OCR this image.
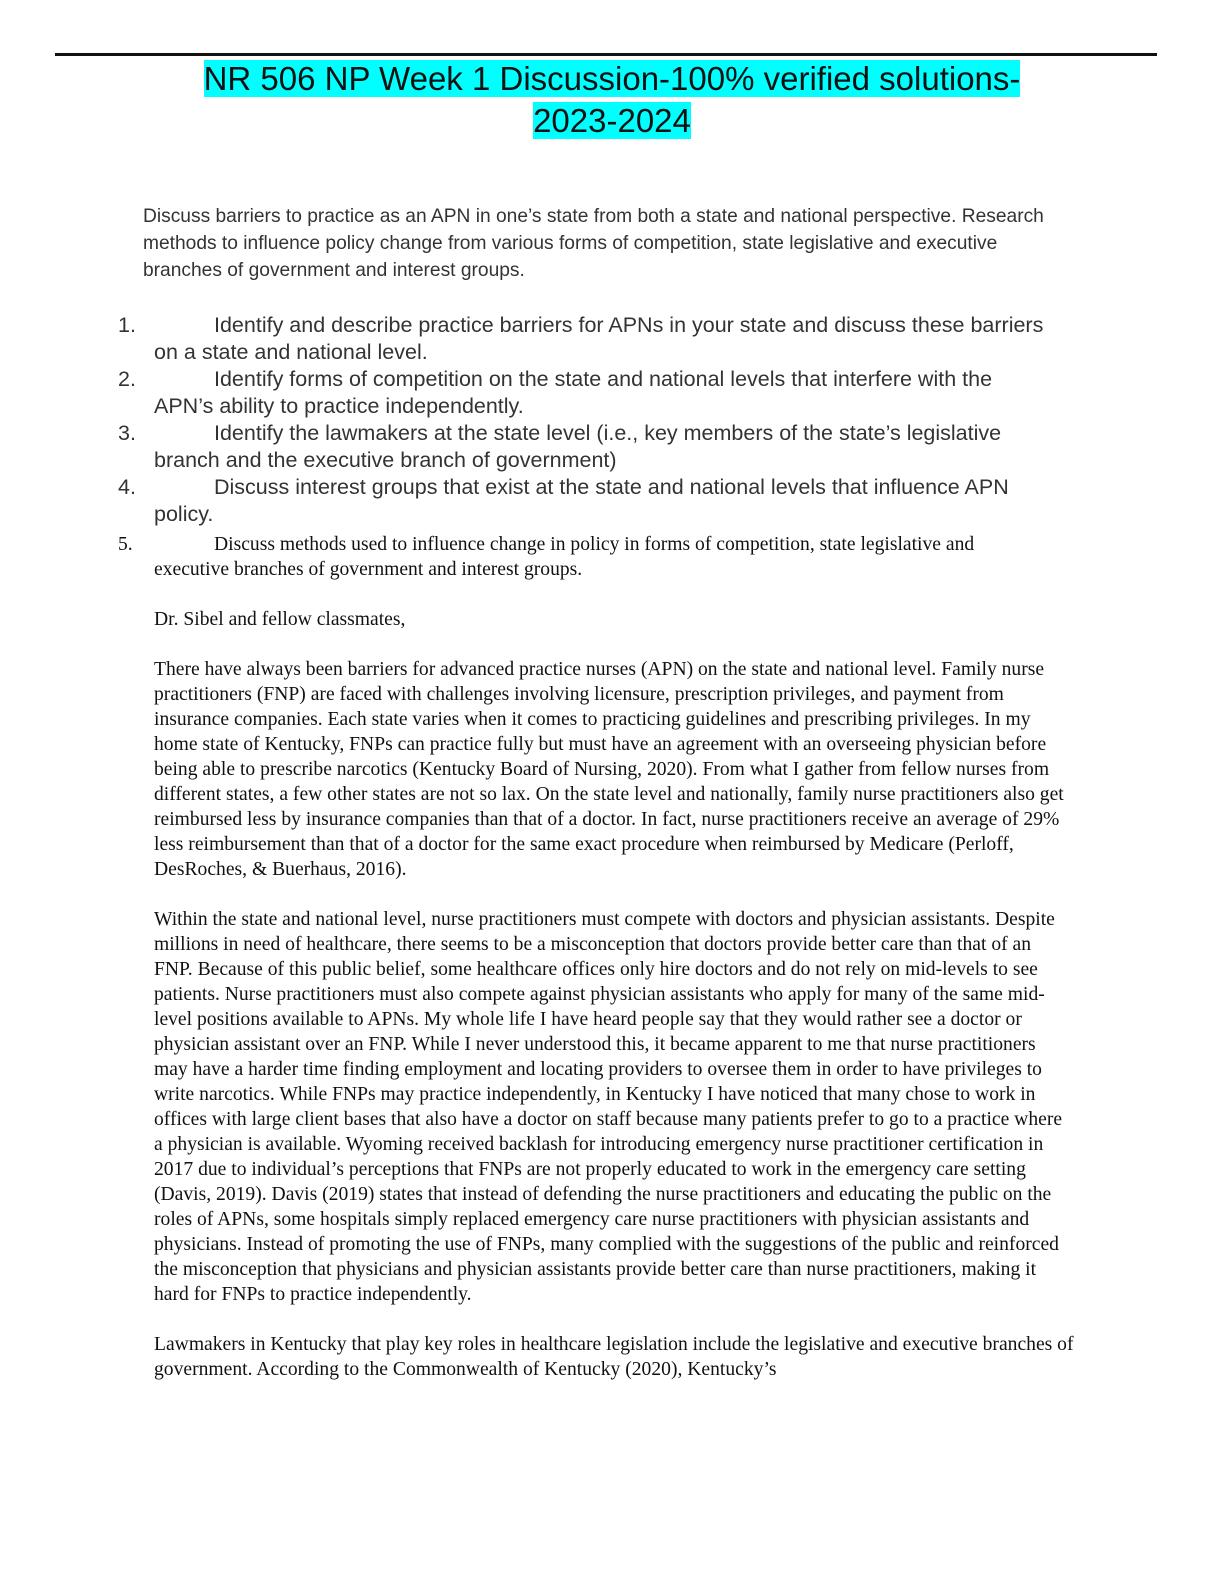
NR 506 NP Week 1 Discussion-100% verified solutions-
2023-2024
Discuss barriers to practice as an APN in one’s state from both a state and national perspective. Research methods to influence policy change from various forms of competition, state legislative and executive branches of government and interest groups.
1.	Identify and describe practice barriers for APNs in your state and discuss these barriers on a state and national level.
2.	Identify forms of competition on the state and national levels that interfere with the APN’s ability to practice independently.
3.	Identify the lawmakers at the state level (i.e., key members of the state’s legislative branch and the executive branch of government)
4.	Discuss interest groups that exist at the state and national levels that influence APN policy.
5.	Discuss methods used to influence change in policy in forms of competition, state legislative and executive branches of government and interest groups.

Dr. Sibel and fellow classmates,

There have always been barriers for advanced practice nurses (APN) on the state and national level. Family nurse practitioners (FNP) are faced with challenges involving licensure, prescription privileges, and payment from insurance companies. Each state varies when it comes to practicing guidelines and prescribing privileges. In my home state of Kentucky, FNPs can practice fully but must have an agreement with an overseeing physician before being able to prescribe narcotics (Kentucky Board of Nursing, 2020). From what I gather from fellow nurses from different states, a few other states are not so lax. On the state level and nationally, family nurse practitioners also get reimbursed less by insurance companies than that of a doctor. In fact, nurse practitioners receive an average of 29% less reimbursement than that of a doctor for the same exact procedure when reimbursed by Medicare (Perloff, DesRoches, & Buerhaus, 2016).

Within the state and national level, nurse practitioners must compete with doctors and physician assistants. Despite millions in need of healthcare, there seems to be a misconception that doctors provide better care than that of an FNP. Because of this public belief, some healthcare offices only hire doctors and do not rely on mid-levels to see patients. Nurse practitioners must also compete against physician assistants who apply for many of the same mid-level positions available to APNs. My whole life I have heard people say that they would rather see a doctor or physician assistant over an FNP. While I never understood this, it became apparent to me that nurse practitioners may have a harder time finding employment and locating providers to oversee them in order to have privileges to write narcotics. While FNPs may practice independently, in Kentucky I have noticed that many chose to work in offices with large client bases that also have a doctor on staff because many patients prefer to go to a practice where a physician is available. Wyoming received backlash for introducing emergency nurse practitioner certification in 2017 due to individual’s perceptions that FNPs are not properly educated to work in the emergency care setting (Davis, 2019). Davis (2019) states that instead of defending the nurse practitioners and educating the public on the roles of APNs, some hospitals simply replaced emergency care nurse practitioners with physician assistants and physicians. Instead of promoting the use of FNPs, many complied with the suggestions of the public and reinforced the misconception that physicians and physician assistants provide better care than nurse practitioners, making it hard for FNPs to practice independently.

Lawmakers in Kentucky that play key roles in healthcare legislation include the legislative and executive branches of government. According to the Commonwealth of Kentucky (2020), Kentucky’s
